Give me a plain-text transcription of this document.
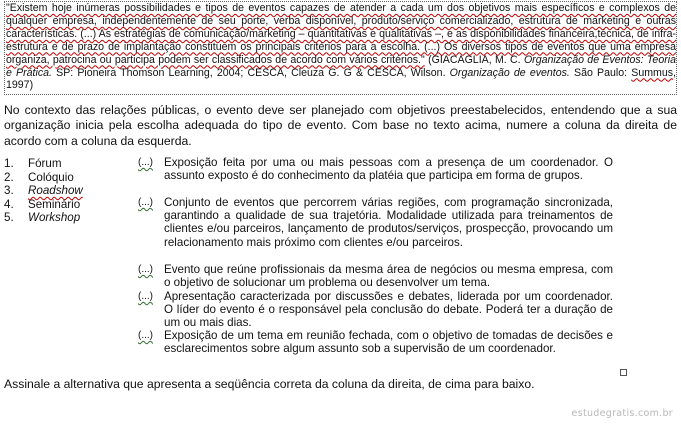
"Existem hoje inúmeras possibilidades e tipos de eventos capazes de atender a cada um dos objetivos mais específicos e complexos de qualquer empresa, independentemente de seu porte, verba disponível, produto/serviço comercializado, estrutura de marketing e outras características. (...) As estratégias de comunicação/marketing – quantitativas e qualitativas –, e as disponibilidades financeira,técnica, de infra-estrutura e de prazo de implantação constituem os principais critérios para a escolha. (...) Os diversos tipos de eventos que uma empresa organiza, patrocina ou participa podem ser classificados de acordo com vários critérios." (GIACAGLIA, M. C. Organização de Eventos: Teoria e Prática. SP: Pioneira Thomson Learning, 2004; CESCA, Cleuza G. G & CESCA, Wilson. Organização de eventos. São Paulo: Summus, 1997)
No contexto das relações públicas, o evento deve ser planejado com objetivos preestabelecidos, entendendo que a sua organização inicia pela escolha adequada do tipo de evento. Com base no texto acima, numere a coluna da direita de acordo com a coluna da esquerda.
1.	Fórum
2.	Colóquio
3.	Roadshow
4.	Seminário
5.	Workshop
(...) Exposição feita por uma ou mais pessoas com a presença de um coordenador. O assunto exposto é do conhecimento da platéia que participa em forma de grupos.
(...) Conjunto de eventos que percorrem várias regiões, com programação sincronizada, garantindo a qualidade de sua trajetória. Modalidade utilizada para treinamentos de clientes e/ou parceiros, lançamento de produtos/serviços, prospecção, provocando um relacionamento mais próximo com clientes e/ou parceiros.
(...) Evento que reúne profissionais da mesma área de negócios ou mesma empresa, com o objetivo de solucionar um problema ou desenvolver um tema.
(...) Apresentação caracterizada por discussões e debates, liderada por um coordenador. O líder do evento é o responsável pela conclusão do debate. Poderá ter a duração de um ou mais dias.
(...) Exposição de um tema em reunião fechada, com o objetivo de tomadas de decisões e esclarecimentos sobre algum assunto sob a supervisão de um coordenador.
Assinale a alternativa que apresenta a seqüência correta da coluna da direita, de cima para baixo.
estudegratis.com.br
